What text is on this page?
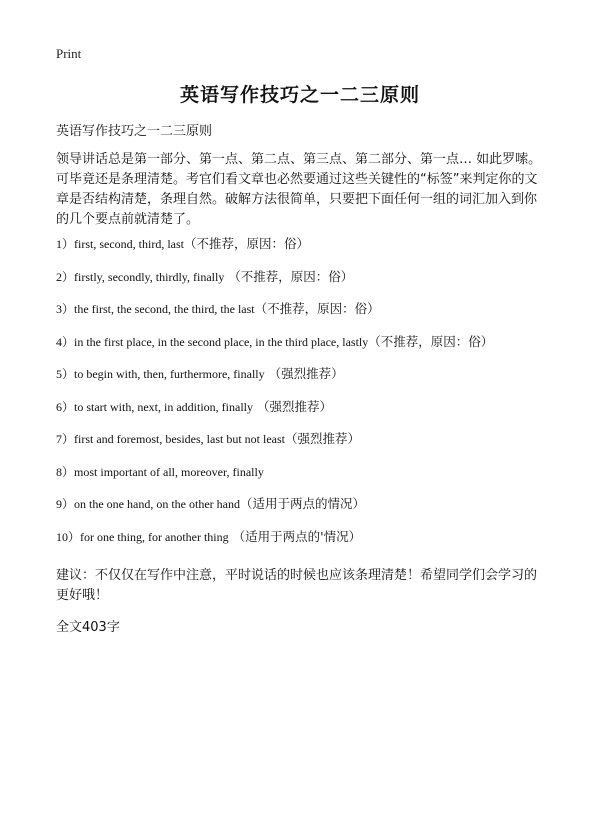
Print
英语写作技巧之一二三原则
英语写作技巧之一二三原则
领导讲话总是第一部分、第一点、第二点、第三点、第二部分、第一点… 如此罗嗦。可毕竟还是条理清楚。考官们看文章也必然要通过这些关键性的“标签”来判定你的文章是否结构清楚，条理自然。破解方法很简单，只要把下面任何一组的词汇加入到你的几个要点前就清楚了。
1）first, second, third, last（不推荐，原因：俗）
2）firstly, secondly, thirdly, finally （不推荐，原因：俗）
3）the first, the second, the third, the last（不推荐，原因：俗）
4）in the first place, in the second place, in the third place, lastly（不推荐，原因：俗）
5）to begin with, then, furthermore, finally （强烈推荐）
6）to start with, next, in addition, finally （强烈推荐）
7）first and foremost, besides, last but not least（强烈推荐）
8）most important of all, moreover, finally
9）on the one hand, on the other hand（适用于两点的情况）
10）for one thing, for another thing （适用于两点的'情况）
建议：不仅仅在写作中注意，平时说话的时候也应该条理清楚！希望同学们会学习的更好哦！
全文403字
